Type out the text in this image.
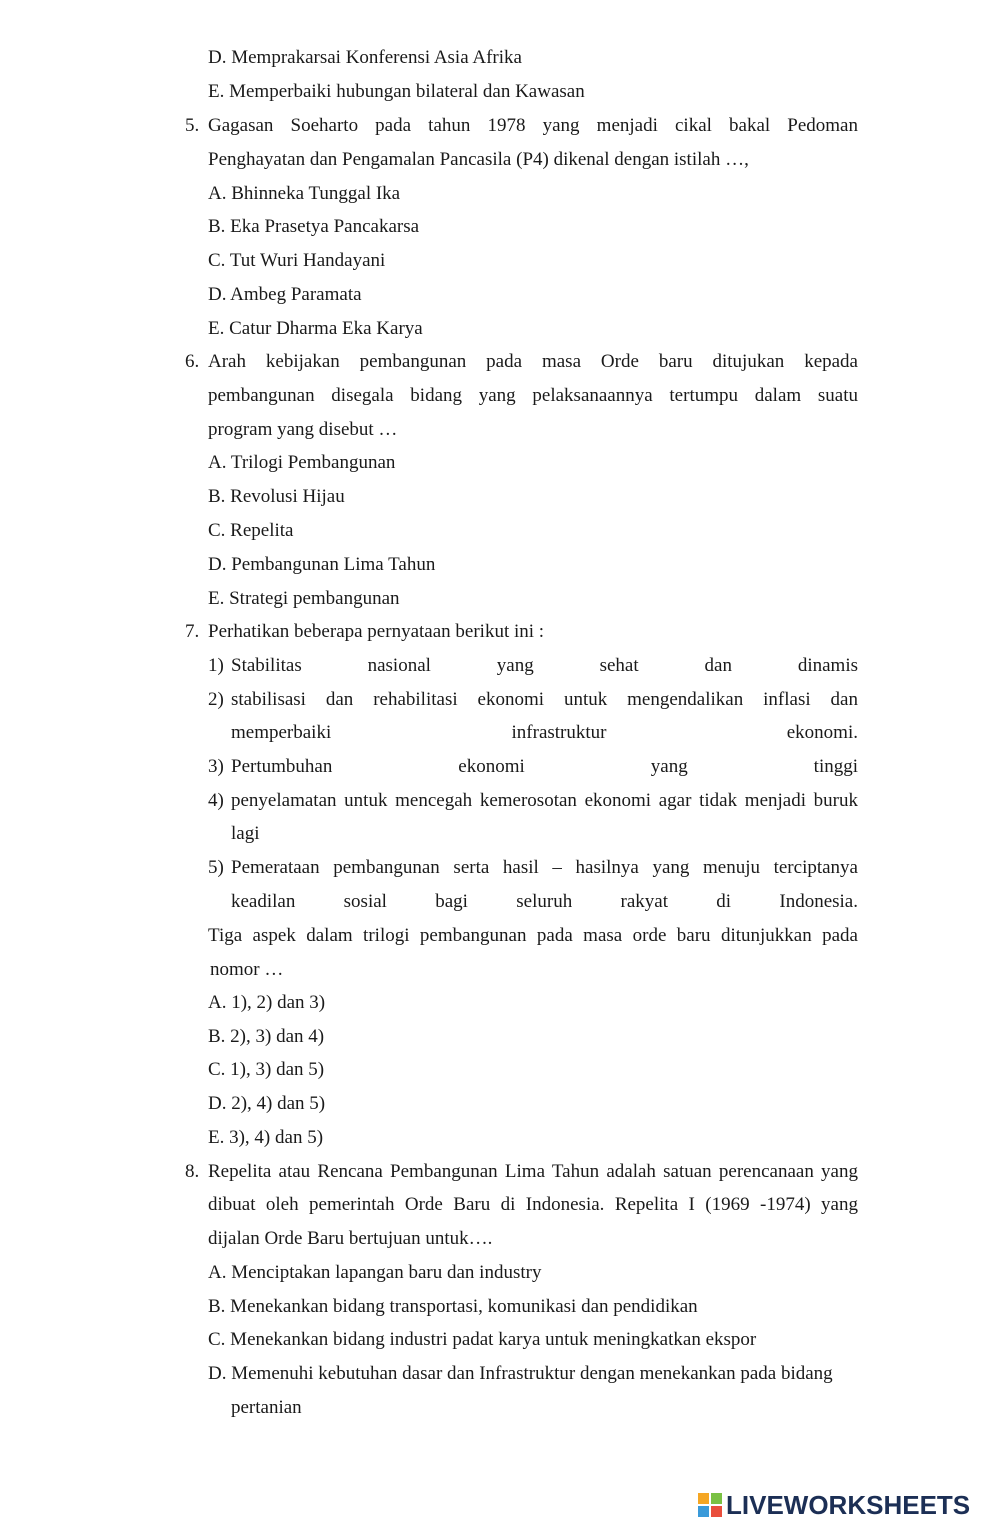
D. Memprakarsai Konferensi Asia Afrika
E. Memperbaiki hubungan bilateral dan Kawasan
5. Gagasan Soeharto pada tahun 1978 yang menjadi cikal bakal Pedoman
Penghayatan dan Pengamalan Pancasila (P4) dikenal dengan istilah …,
A. Bhinneka Tunggal Ika
B. Eka Prasetya Pancakarsa
C. Tut Wuri Handayani
D. Ambeg Paramata
E. Catur Dharma Eka Karya
6. Arah kebijakan pembangunan pada masa Orde baru ditujukan kepada
pembangunan disegala bidang yang pelaksanaannya tertumpu dalam suatu
program yang disebut …
A. Trilogi Pembangunan
B. Revolusi Hijau
C. Repelita
D. Pembangunan Lima Tahun
E. Strategi pembangunan
7. Perhatikan beberapa pernyataan berikut ini :
1) Stabilitas nasional yang sehat dan dinamis
2) stabilisasi dan rehabilitasi ekonomi untuk mengendalikan inflasi dan
memperbaiki infrastruktur ekonomi.
3) Pertumbuhan ekonomi yang tinggi
4) penyelamatan untuk mencegah kemerosotan ekonomi agar tidak menjadi buruk
lagi
5) Pemerataan pembangunan serta hasil – hasilnya yang menuju terciptanya
keadilan sosial bagi seluruh rakyat di Indonesia.
Tiga aspek dalam trilogi pembangunan pada masa orde baru ditunjukkan pada
nomor …
A. 1), 2) dan 3)
B. 2), 3) dan 4)
C. 1), 3) dan 5)
D. 2), 4) dan 5)
E. 3), 4) dan 5)
8. Repelita atau Rencana Pembangunan Lima Tahun adalah satuan perencanaan yang
dibuat oleh pemerintah Orde Baru di Indonesia. Repelita I (1969 -1974) yang
dijalan Orde Baru bertujuan untuk….
A. Menciptakan lapangan baru dan industry
B. Menekankan bidang transportasi, komunikasi dan pendidikan
C. Menekankan bidang industri padat karya untuk meningkatkan ekspor
D. Memenuhi kebutuhan dasar dan Infrastruktur dengan menekankan pada bidang
pertanian
LIVEWORKSHEETS
